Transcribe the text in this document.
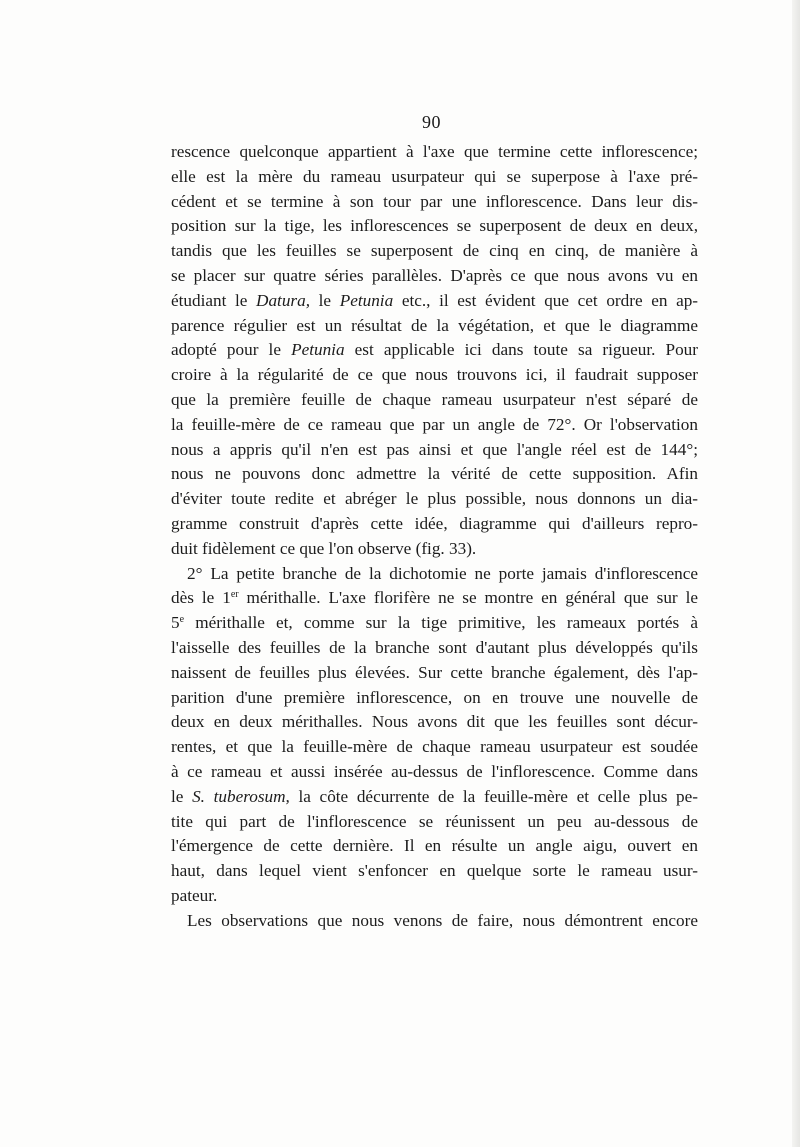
90
rescence quelconque appartient à l'axe que termine cette inflorescence;
elle est la mère du rameau usurpateur qui se superpose à l'axe pré-
cédent et se termine à son tour par une inflorescence. Dans leur dis-
position sur la tige, les inflorescences se superposent de deux en deux,
tandis que les feuilles se superposent de cinq en cinq, de manière à
se placer sur quatre séries parallèles. D'après ce que nous avons vu en
étudiant le Datura, le Petunia etc., il est évident que cet ordre en ap-
parence régulier est un résultat de la végétation, et que le diagramme
adopté pour le Petunia est applicable ici dans toute sa rigueur. Pour
croire à la régularité de ce que nous trouvons ici, il faudrait supposer
que la première feuille de chaque rameau usurpateur n'est séparé de
la feuille-mère de ce rameau que par un angle de 72°. Or l'observation
nous a appris qu'il n'en est pas ainsi et que l'angle réel est de 144°;
nous ne pouvons donc admettre la vérité de cette supposition. Afin
d'éviter toute redite et abréger le plus possible, nous donnons un dia-
gramme construit d'après cette idée, diagramme qui d'ailleurs repro-
duit fidèlement ce que l'on observe (fig. 33).
2° La petite branche de la dichotomie ne porte jamais d'inflorescence
dès le 1er mérithalle. L'axe florifère ne se montre en général que sur le
5e mérithalle et, comme sur la tige primitive, les rameaux portés à
l'aisselle des feuilles de la branche sont d'autant plus développés qu'ils
naissent de feuilles plus élevées. Sur cette branche également, dès l'ap-
parition d'une première inflorescence, on en trouve une nouvelle de
deux en deux mérithalles. Nous avons dit que les feuilles sont décur-
rentes, et que la feuille-mère de chaque rameau usurpateur est soudée
à ce rameau et aussi insérée au-dessus de l'inflorescence. Comme dans
le S. tuberosum, la côte décurrente de la feuille-mère et celle plus pe-
tite qui part de l'inflorescence se réunissent un peu au-dessous de
l'émergence de cette dernière. Il en résulte un angle aigu, ouvert en
haut, dans lequel vient s'enfoncer en quelque sorte le rameau usur-
pateur.
Les observations que nous venons de faire, nous démontrent encore
